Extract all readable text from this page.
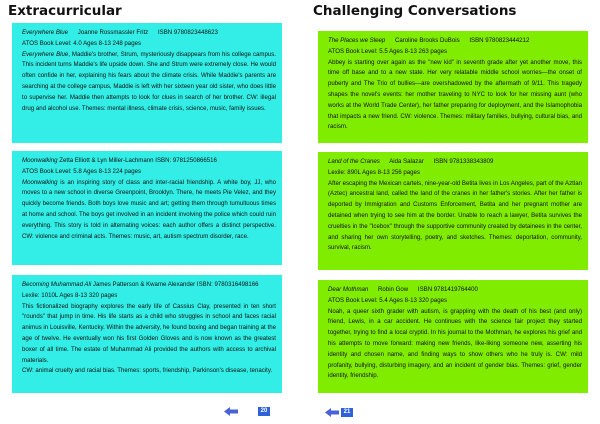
Extracurricular	Challenging Conversations
Everywhere Blue Joanne Rossmassler Fritz ISBN 9780823448623
ATOS Book Level: 4.0 Ages 8-13 248 pages
Everywhere Blue, Maddie's brother, Strum, mysteriously disappears from his college campus. This incident turns Maddie's life upside down. She and Strum were extremely close. He would often confide in her, explaining his fears about the climate crisis. While Maddie's parents are searching at the college campus, Maddie is left with her sixteen year old sister, who does little to supervise her. Maddie then attempts to look for clues in search of her brother. CW: illegal drug and alcohol use. Themes: mental illness, climate crisis, science, music, family issues.
Moonwalking Zetta Elliott & Lyn Miller-Lachmann ISBN: 9781250866516
ATOS Book Level: 5.8 Ages 8-13 224 pages
Moonwalking is an inspiring story of class and inter-racial friendship. A white boy, JJ, who moves to a new school in diverse Greenpoint, Brooklyn. There, he meets Pie Velez, and they quickly become friends. Both boys love music and art; getting them through tumultuous times at home and school. The boys get involved in an incident involving the police which could ruin everything. This story is told in alternating voices: each author offers a distinct perspective. CW: violence and criminal acts. Themes: music, art, autism spectrum disorder, race.
Becoming Muhammad Ali James Patterson & Kwame Alexander ISBN: 9780316498166
Lexile: 1010L Ages 8-13 320 pages
This fictionalized biography explores the early life of Cassius Clay, presented in ten short "rounds" that jump in time. His life starts as a child who struggles in school and faces racial animus in Louisville, Kentucky. Within the adversity, he found boxing and began training at the age of twelve. He eventually won his first Golden Gloves and is now known as the greatest boxer of all time. The estate of Muhammad Ali provided the authors with access to archival materials.
CW: animal cruelty and racial bias. Themes: sports, friendship, Parkinson's disease, tenacity.
The Places we Sleep Caroline Brooks DuBois ISBN 9780823444212
ATOS Book Level: 5.5 Ages 8-13 263 pages
Abbey is starting over again as the "new kid" in seventh grade after yet another move, this time off base and to a new state. Her very relatable middle school worries—the onset of puberty and The Trio of bullies—are overshadowed by the aftermath of 9/11. This tragedy shapes the novel's events: her mother traveling to NYC to look for her missing aunt (who works at the World Trade Center), her father preparing for deployment, and the Islamophobia that impacts a new friend. CW: violence. Themes: military families, bullying, cultural bias, and racism.
Land of the Cranes Aida Salazar ISBN 9781338343809
Lexile: 890L Ages 8-13 256 pages
After escaping the Mexican cartels, nine-year-old Betita lives in Los Angeles, part of the Aztlan (Aztec) ancestral land, called the land of the cranes in her father's stories. After her father is deported by Immigration and Customs Enforcement, Betita and her pregnant mother are detained when trying to see him at the border. Unable to reach a lawyer, Betita survives the cruelties in the "Icebox" through the supportive community created by detainees in the center, and sharing her own storytelling, poetry, and sketches. Themes: deportation, community, survival, racism.
Dear Mothman Robin Gow ISBN 9781419764400
ATOS Book Level: 5.4 Ages 8-13 320 pages
Noah, a queer sixth grader with autism, is grappling with the death of his best (and only) friend, Lewis, in a car accident. He continues with the science fair project they started together, trying to find a local cryptid. In his journal to the Mothman, he explores his grief and his attempts to move forward: making new friends, like-liking someone new, asserting his identity and chosen name, and finding ways to show others who he truly is. CW: mild profanity, bullying, disturbing imagery, and an incident of gender bias. Themes: grief, gender identity, friendship.
20	21
